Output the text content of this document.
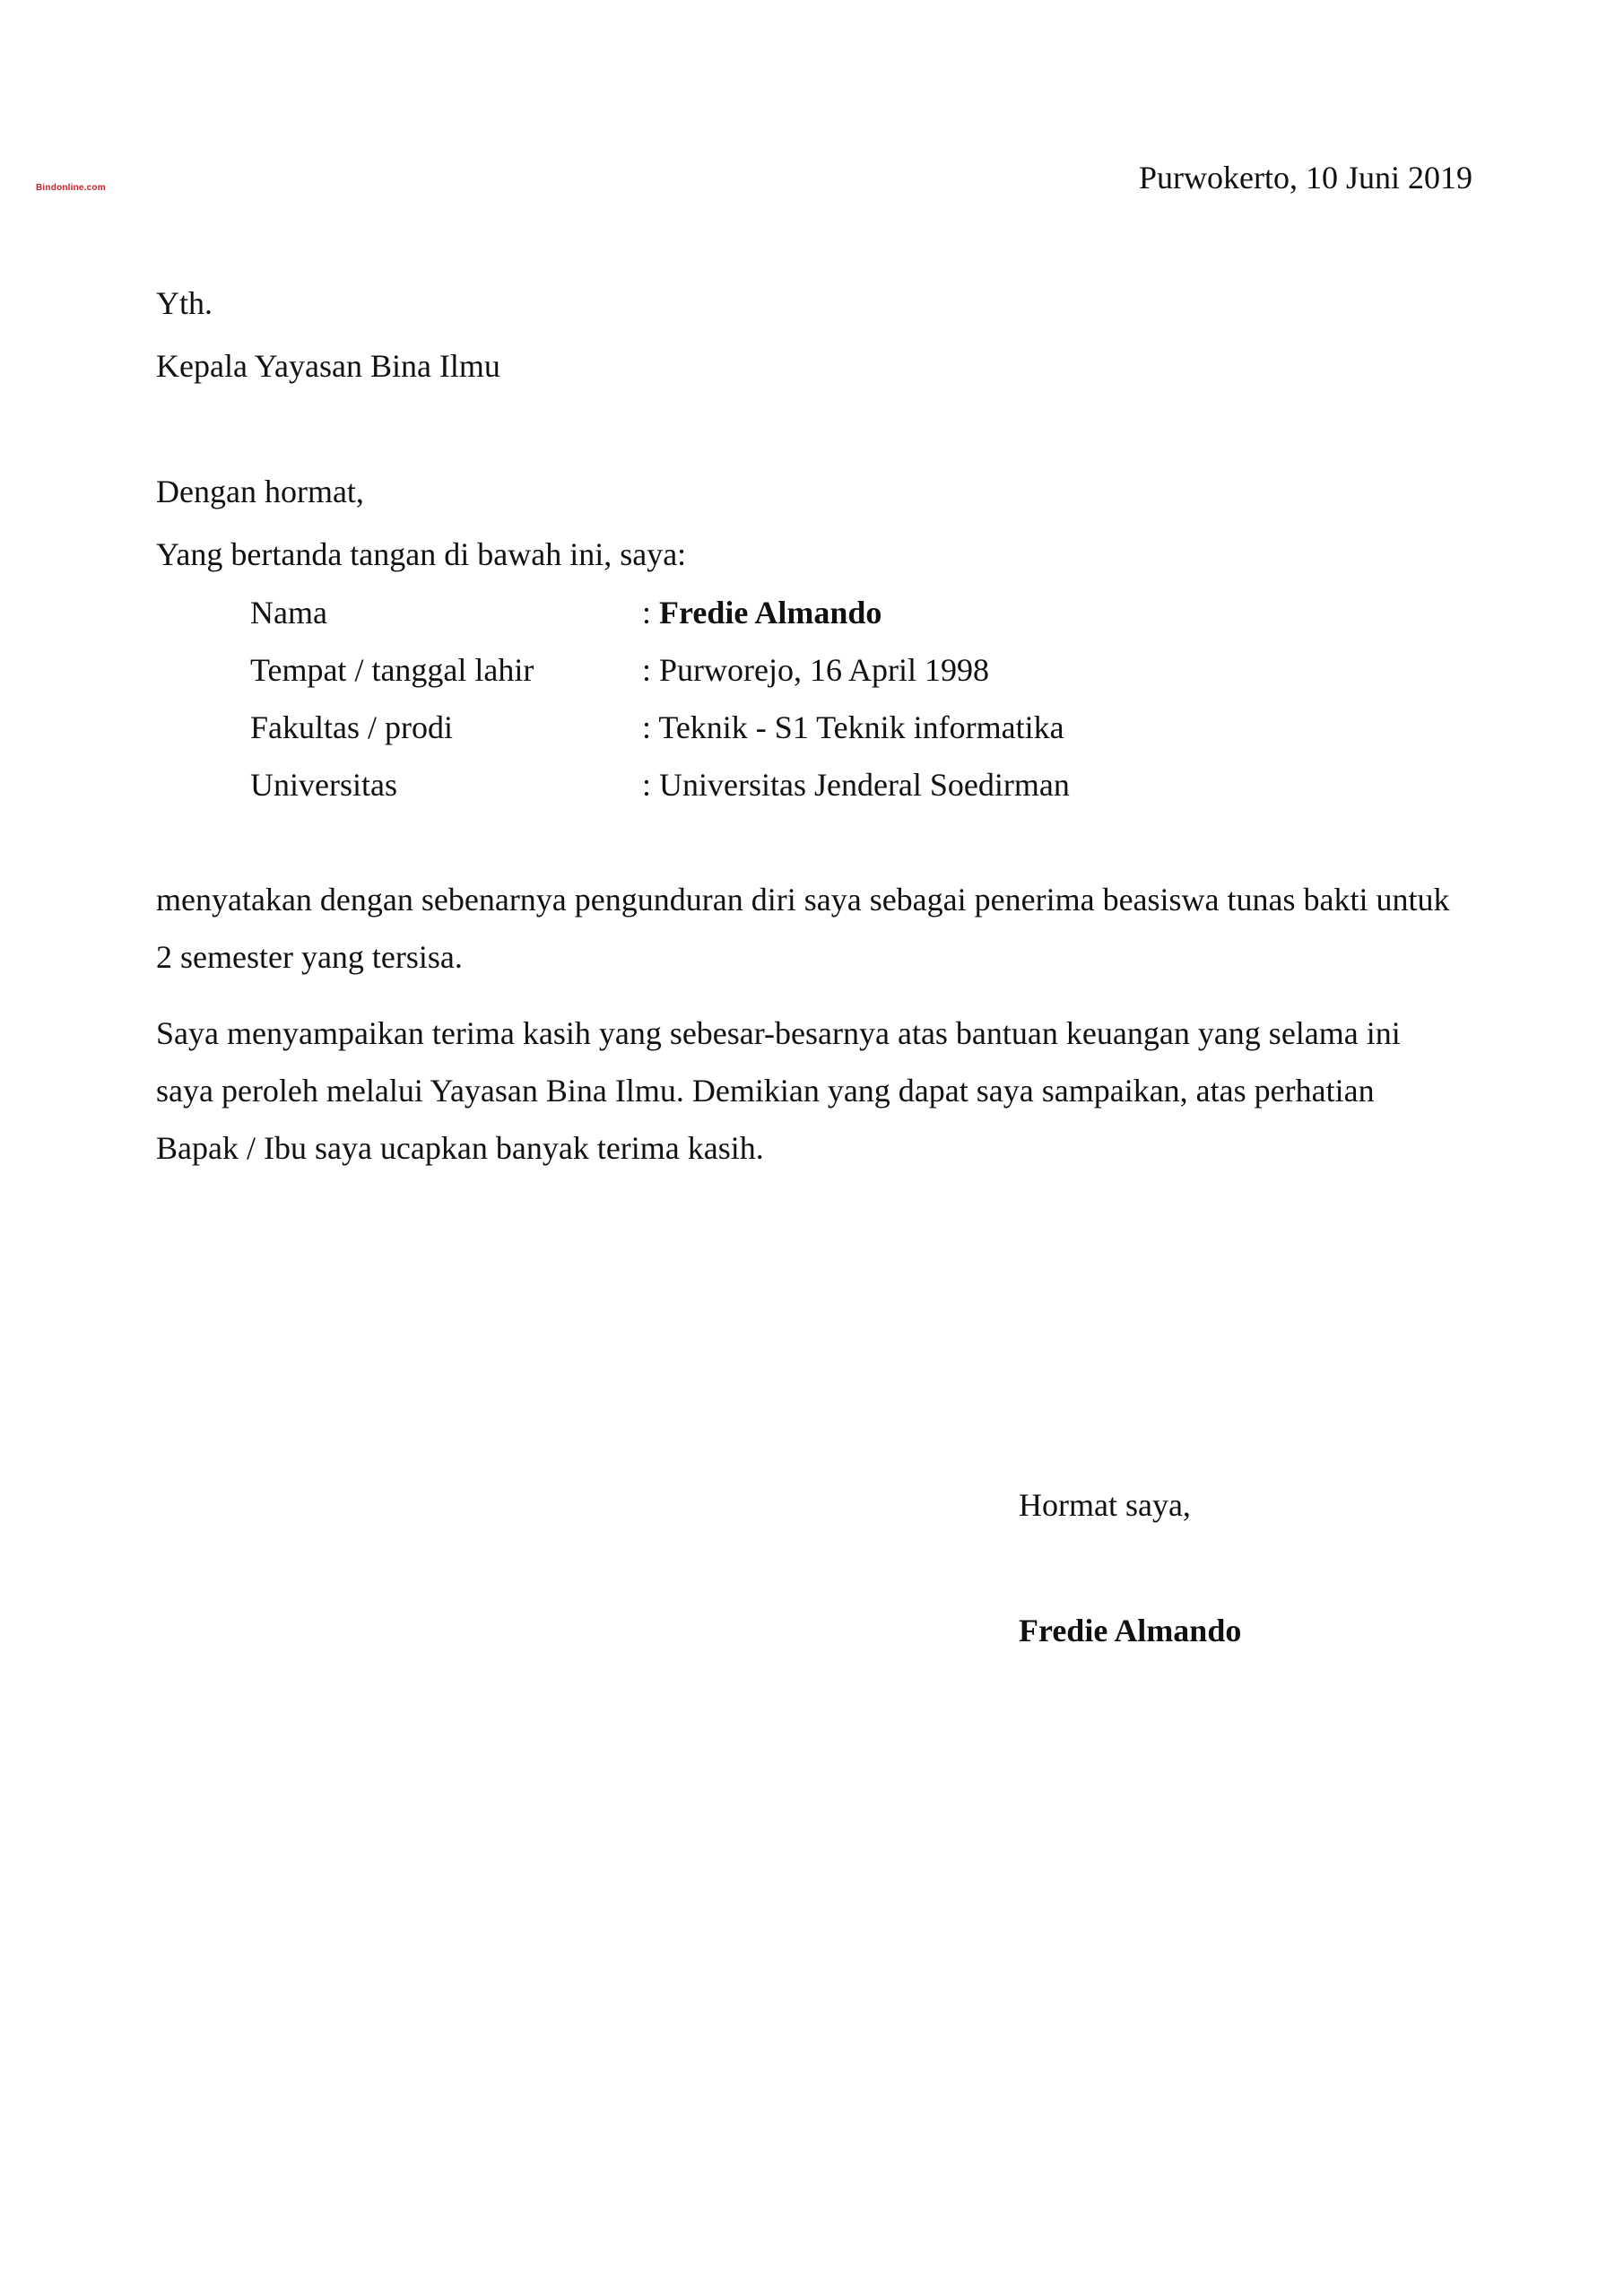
Bindonline.com	Purwokerto, 10 Juni 2019
Yth.
Kepala Yayasan Bina Ilmu
Dengan hormat,
Yang bertanda tangan di bawah ini, saya:
Nama	: Fredie Almando
Tempat / tanggal lahir	: Purworejo, 16 April 1998
Fakultas / prodi	: Teknik - S1 Teknik informatika
Universitas	: Universitas Jenderal Soedirman
menyatakan dengan sebenarnya pengunduran diri saya sebagai penerima beasiswa tunas bakti untuk
2 semester yang tersisa.
Saya menyampaikan terima kasih yang sebesar-besarnya atas bantuan keuangan yang selama ini
saya peroleh melalui Yayasan Bina Ilmu. Demikian yang dapat saya sampaikan, atas perhatian
Bapak / Ibu saya ucapkan banyak terima kasih.
Hormat saya,
Fredie Almando
